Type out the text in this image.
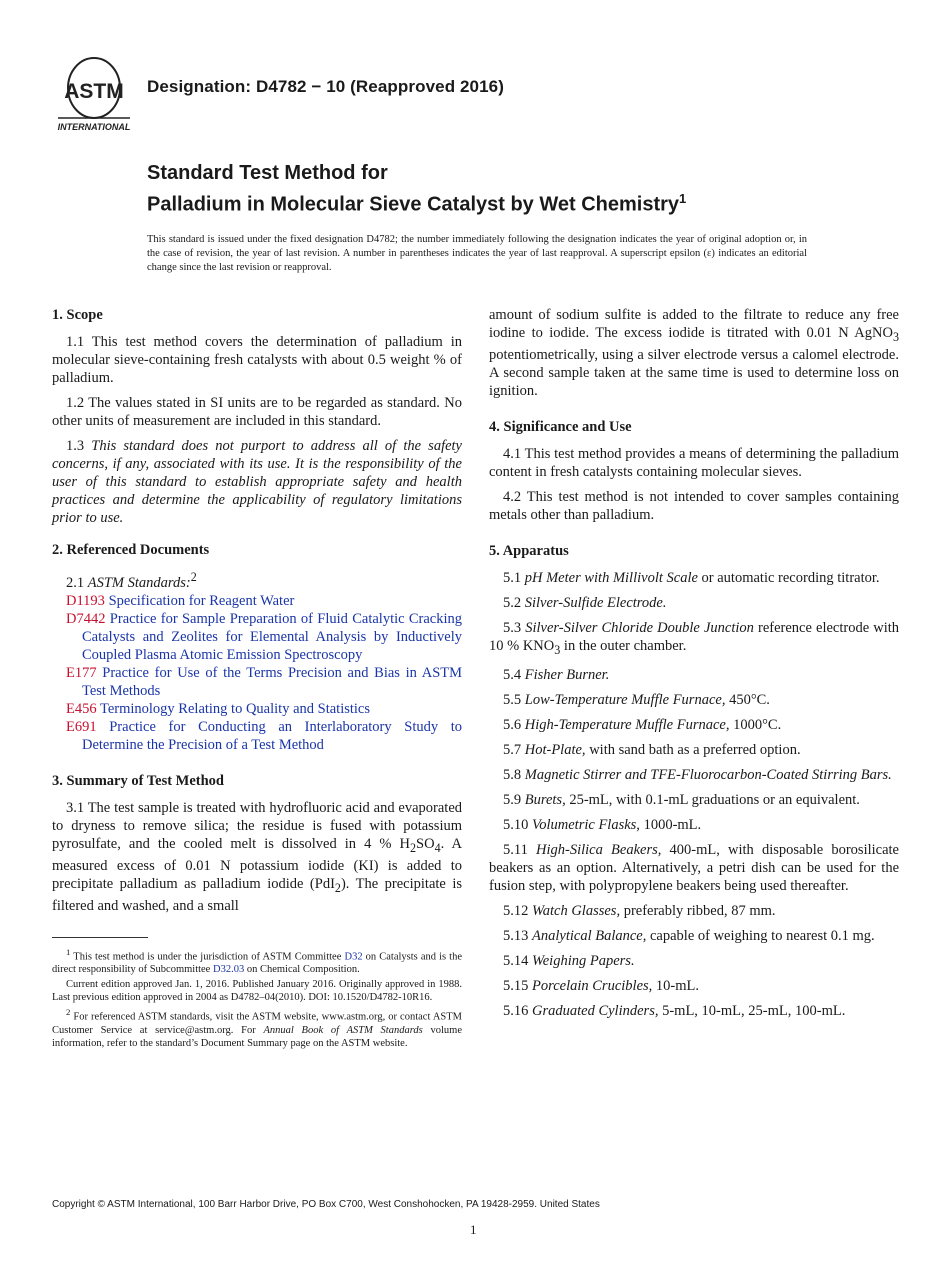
ASTM
INTERNATIONAL
Designation: D4782 − 10 (Reapproved 2016)
Standard Test Method for
Palladium in Molecular Sieve Catalyst by Wet Chemistry$^1$
This standard is issued under the fixed designation D4782; the number immediately following the designation indicates the year of original adoption or, in the case of revision, the year of last revision. A number in parentheses indicates the year of last reapproval. A superscript epsilon (ε) indicates an editorial change since the last revision or reapproval.
1. Scope

1.1 This test method covers the determination of palladium in molecular sieve-containing fresh catalysts with about 0.5 weight % of palladium.

1.2 The values stated in SI units are to be regarded as standard. No other units of measurement are included in this standard.

1.3 This standard does not purport to address all of the safety concerns, if any, associated with its use. It is the responsibility of the user of this standard to establish appropriate safety and health practices and determine the applicability of regulatory limitations prior to use.

2. Referenced Documents

2.1 ASTM Standards:$^2$

D1193 Specification for Reagent Water
D7442 Practice for Sample Preparation of Fluid Catalytic Cracking Catalysts and Zeolites for Elemental Analysis by Inductively Coupled Plasma Atomic Emission Spectroscopy
E177 Practice for Use of the Terms Precision and Bias in ASTM Test Methods
E456 Terminology Relating to Quality and Statistics
E691 Practice for Conducting an Interlaboratory Study to Determine the Precision of a Test Method
3. Summary of Test Method

3.1 The test sample is treated with hydrofluoric acid and evaporated to dryness to remove silica; the residue is fused with potassium pyrosulfate, and the cooled melt is dissolved in 4 % $H_2SO_4$. A measured excess of 0.01 N potassium iodide (KI) is added to precipitate palladium as palladium iodide (PdI$_2$). The precipitate is filtered and washed, and a small

$^1$ This test method is under the jurisdiction of ASTM Committee D32 on Catalysts and is the direct responsibility of Subcommittee D32.03 on Chemical Composition.

Current edition approved Jan. 1, 2016. Published January 2016. Originally approved in 1988. Last previous edition approved in 2004 as D4782–04(2010). DOI: 10.1520/D4782-10R16.

$^2$ For referenced ASTM standards, visit the ASTM website, www.astm.org, or contact ASTM Customer Service at service@astm.org. For Annual Book of ASTM Standards volume information, refer to the standard’s Document Summary page on the ASTM website.

amount of sodium sulfite is added to the filtrate to reduce any free iodine to iodide. The excess iodide is titrated with 0.01 N AgNO$_3$ potentiometrically, using a silver electrode versus a calomel electrode. A second sample taken at the same time is used to determine loss on ignition.

4. Significance and Use

4.1 This test method provides a means of determining the palladium content in fresh catalysts containing molecular sieves.

4.2 This test method is not intended to cover samples containing metals other than palladium.

5. Apparatus

5.1 pH Meter with Millivolt Scale or automatic recording titrator.

5.2 Silver-Sulfide Electrode.

5.3 Silver-Silver Chloride Double Junction reference electrode with 10 % $KNO_3$ in the outer chamber.

5.4 Fisher Burner.

5.5 Low-Temperature Muffle Furnace, 450°C.

5.6 High-Temperature Muffle Furnace, 1000°C.

5.7 Hot-Plate, with sand bath as a preferred option.

5.8 Magnetic Stirrer and TFE-Fluorocarbon-Coated Stirring Bars.

5.9 Burets, 25-mL, with 0.1-mL graduations or an equivalent.

5.10 Volumetric Flasks, 1000-mL.

5.11 High-Silica Beakers, 400-mL, with disposable borosilicate beakers as an option. Alternatively, a petri dish can be used for the fusion step, with polypropylene beakers being used thereafter.

5.12 Watch Glasses, preferably ribbed, 87 mm.

5.13 Analytical Balance, capable of weighing to nearest 0.1 mg.

5.14 Weighing Papers.

5.15 Porcelain Crucibles, 10-mL.

5.16 Graduated Cylinders, 5-mL, 10-mL, 25-mL, 100-mL.

Copyright © ASTM International, 100 Barr Harbor Drive, PO Box C700, West Conshohocken, PA 19428-2959. United States
1
